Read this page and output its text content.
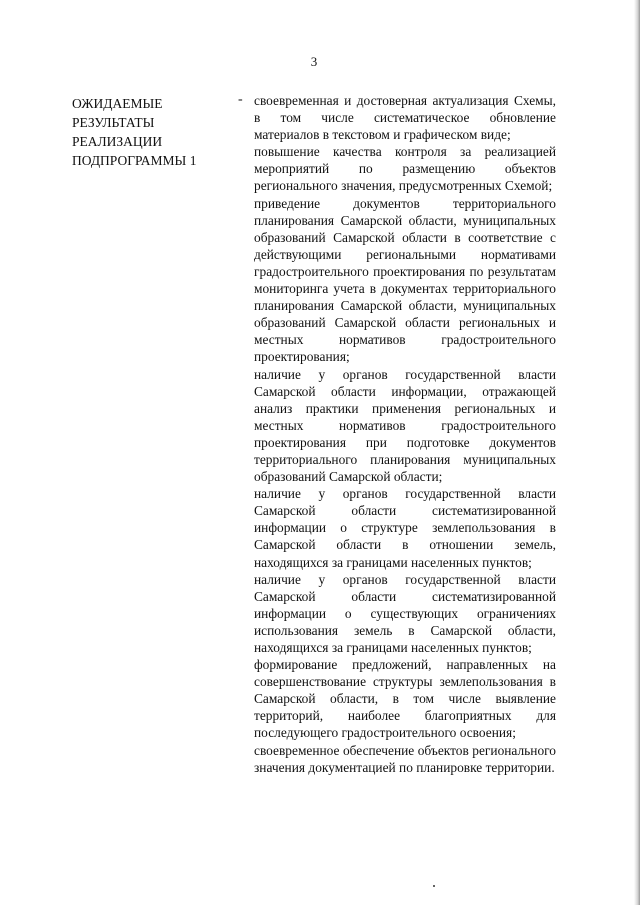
3
ОЖИДАЕМЫЕ
РЕЗУЛЬТАТЫ
РЕАЛИЗАЦИИ
ПОДПРОГРАММЫ 1
- своевременная и достоверная актуализация Схемы, в том числе систематическое обновление материалов в текстовом и графическом виде;
повышение качества контроля за реализацией мероприятий по размещению объектов регионального значения, предусмотренных Схемой;
приведение документов территориального планирования Самарской области, муниципальных образований Самарской области в соответствие с действующими региональными нормативами градостроительного проектирования по результатам мониторинга учета в документах территориального планирования Самарской области, муниципальных образований Самарской области региональных и местных нормативов градостроительного проектирования;
наличие у органов государственной власти Самарской области информации, отражающей анализ практики применения региональных и местных нормативов градостроительного проектирования при подготовке документов территориального планирования муниципальных образований Самарской области;
наличие у органов государственной власти Самарской области систематизированной информации о структуре землепользования в Самарской области в отношении земель, находящихся за границами населенных пунктов;
наличие у органов государственной власти Самарской области систематизированной информации о существующих ограничениях использования земель в Самарской области, находящихся за границами населенных пунктов;
формирование предложений, направленных на совершенствование структуры землепользования в Самарской области, в том числе выявление территорий, наиболее благоприятных для последующего градостроительного освоения;
своевременное обеспечение объектов регионального значения документацией по планировке территории.
